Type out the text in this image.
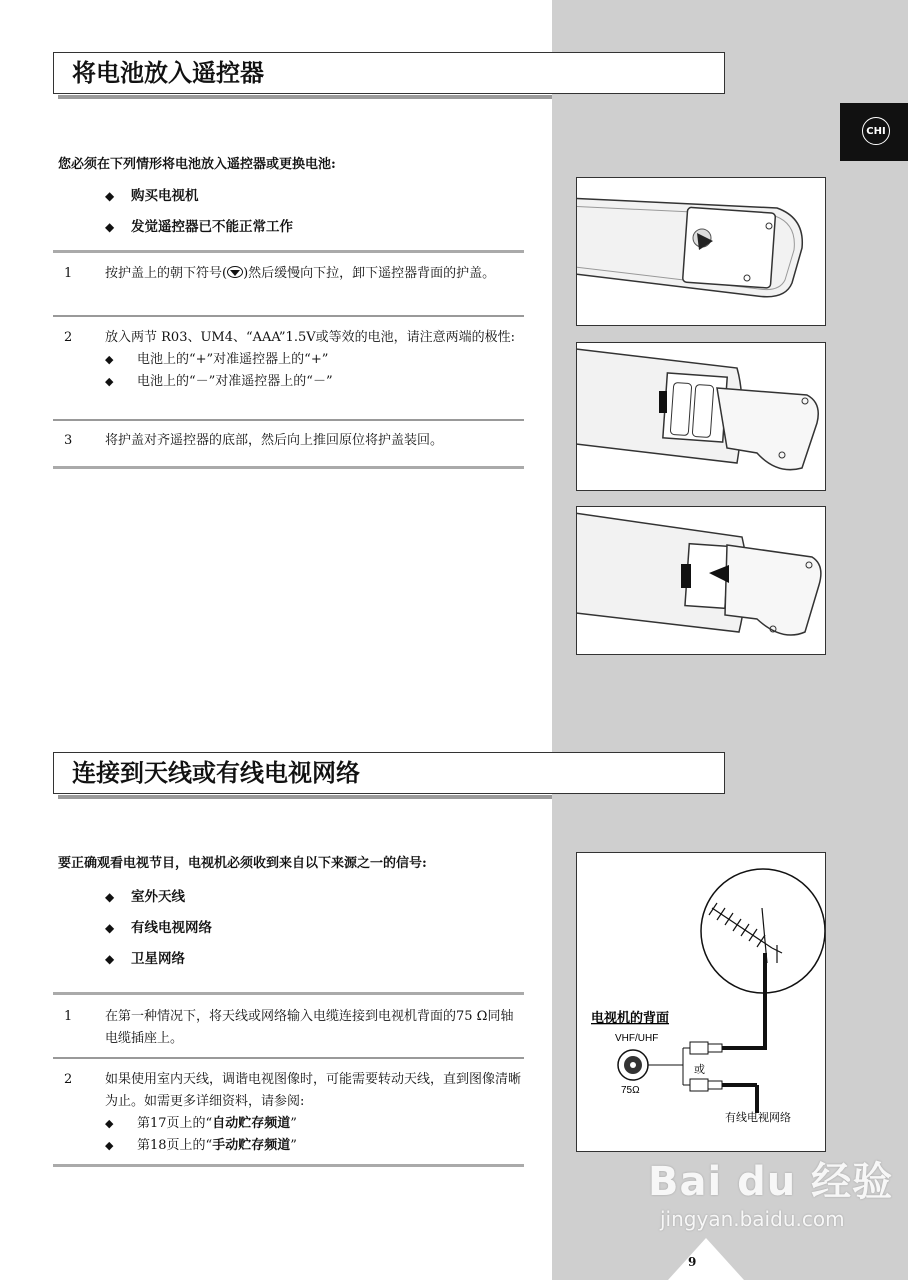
CHI
将电池放入遥控器
您必须在下列情形将电池放入遥控器或更换电池:
◆ 购买电视机
◆ 发觉遥控器已不能正常工作
1	按护盖上的朝下符号( )然后缓慢向下拉，卸下遥控器背面的护盖。
2	放入两节 R03、UM4、“AAA”1.5V或等效的电池，请注意两端的极性:
◆ 电池上的“+”对准遥控器上的“+”
◆ 电池上的“－”对准遥控器上的“－”
3	将护盖对齐遥控器的底部，然后向上推回原位将护盖装回。
连接到天线或有线电视网络
要正确观看电视节目，电视机必须收到来自以下来源之一的信号:
◆ 室外天线
◆ 有线电视网络
◆ 卫星网络
1	在第一种情况下，将天线或网络输入电缆连接到电视机背面的75 Ω同轴电缆插座上。
2	如果使用室内天线，调谐电视图像时，可能需要转动天线，直到图像清晰为止。如需更多详细资料，请参阅:
◆ 第17页上的“自动贮存频道”
◆ 第18页上的“手动贮存频道”
电视机的背面
VHF/UHF
75Ω
或
有线电视网络
Bai du 经验
jingyan.baidu.com
9
